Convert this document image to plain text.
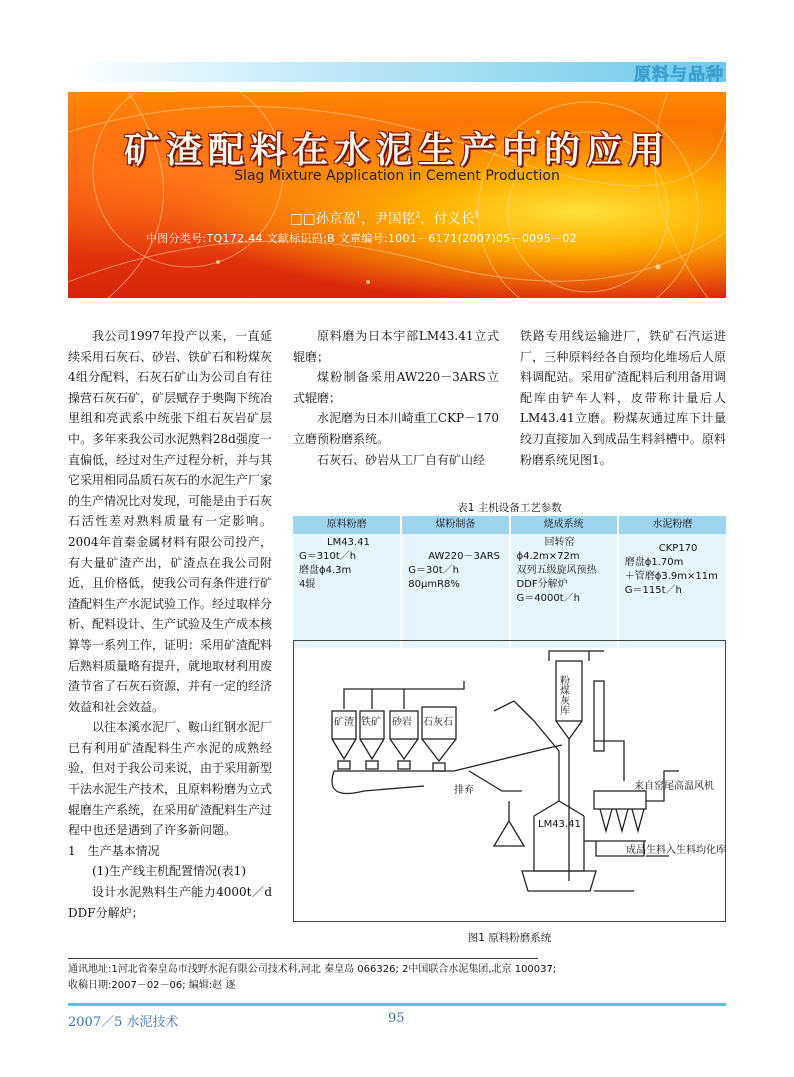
原料与品种
矿渣配料在水泥生产中的应用
Slag Mixture Application in Cement Production
□□孙京盈$^1$，尹国铭$^2$，付义长$^1$
中图分类号:TQ172.44 文献标识码:B 文章编号:1001－6171(2007)05－0095－02

我公司1997年投产以来，一直延续采用石灰石、砂岩、铁矿石和粉煤灰4组分配料，石灰石矿山为公司自有往操营石灰石矿，矿层赋存于奥陶下统冶里组和亮武系中统张下组石灰岩矿层中。多年来我公司水泥熟料28d强度一直偏低，经过对生产过程分析，并与其它采用相同品质石灰石的水泥生产厂家的生产情况比对发现，可能是由于石灰石活性差对熟料质量有一定影响。2004年首秦金属材料有限公司投产，有大量矿渣产出，矿渣点在我公司附近，且价格低，使我公司有条件进行矿渣配料生产水泥试验工作。经过取样分析、配料设计、生产试验及生产成本核算等一系列工作，证明：采用矿渣配料后熟料质量略有提升，就地取材利用废渣节省了石灰石资源，并有一定的经济效益和社会效益。

以往本溪水泥厂、鞍山红钢水泥厂已有利用矿渣配料生产水泥的成熟经验，但对于我公司来说，由于采用新型干法水泥生产技术，且原料粉磨为立式辊磨生产系统，在采用矿渣配料生产过程中也还是遇到了许多新问题。

1　生产基本情况

(1)生产线主机配置情况(表1)

设计水泥熟料生产能力4000t／d　DDF分解炉；

原料磨为日本宇部LM43.41立式辊磨；

煤粉制备采用AW220－3ARS立式辊磨；

水泥磨为日本川崎重工CKP－170立磨预粉磨系统。

石灰石、砂岩从工厂自有矿山经

铁路专用线运输进厂，铁矿石汽运进厂，三种原料经各自预均化堆场后人原料调配站。采用矿渣配料后利用备用调配库由铲车人料，皮带称计量后人LM43.41立磨。粉煤灰通过库下计量绞刀直接加入到成品生料斜槽中。原料粉磨系统见图1。

表1 主机设备工艺参数
原料粉磨	煤粉制备	烧成系统	水泥粉磨

LM43.41
G＝310t／h
磨盘ϕ4.3m
4辊	AW220－3ARS
G＝30t／h
80μmR8%	回转窑
ϕ4.2m×72m
双列五级旋风预热
DDF分解炉
G＝4000t／h	CKP170
磨盘ϕ1.70m
＋管磨ϕ3.9m×11m
G＝115t／h
矿渣 铁矿 砂岩 石灰石
粉煤灰库
排弃
LM43.41
来自窑尾高温风机
成品生料入生料均化库
图1 原料粉磨系统
通讯地址:1河北省秦皇岛市浅野水泥有限公司技术科,河北 秦皇岛 066326; 2中国联合水泥集团,北京 100037;
收稿日期:2007－02－06; 编辑:赵 逐
2007／5 水泥技术	95
